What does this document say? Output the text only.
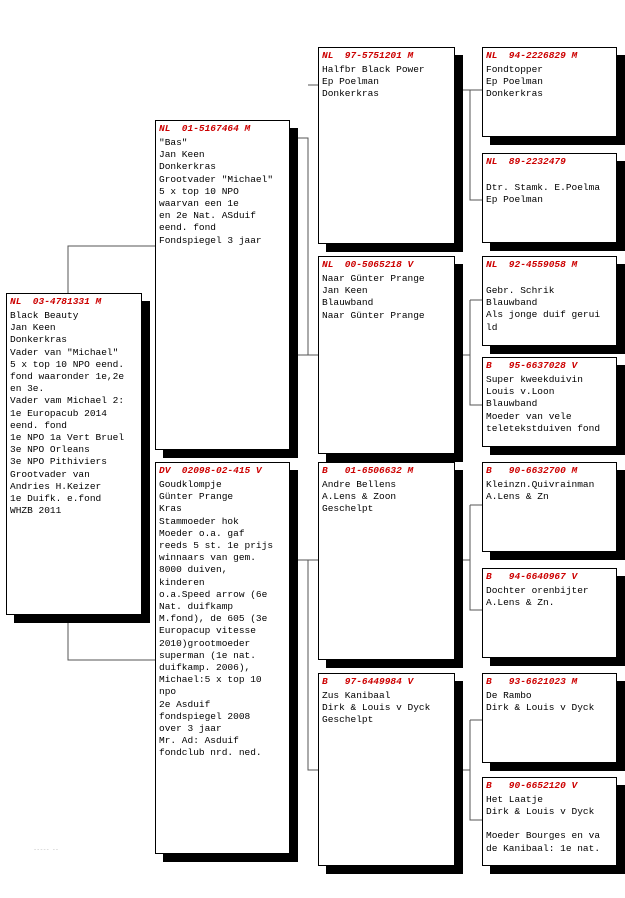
NL  03-4781331 M
Black Beauty
Jan Keen
Donkerkras
Vader van "Michael"
5 x top 10 NPO eend.
fond waaronder 1e,2e
en 3e.
Vader vam Michael 2:
1e Europacub 2014
eend. fond
1e NPO 1a Vert Bruel
3e NPO Orleans
3e NPO Pithiviers
Grootvader van
Andries H.Keizer
1e Duifk. e.fond
WHZB 2011
NL  01-5167464 M
"Bas"
Jan Keen
Donkerkras
Grootvader "Michael"
5 x top 10 NPO
waarvan een 1e
en 2e Nat. ASduif
eend. fond
Fondspiegel 3 jaar
DV  02098-02-415 V
Goudklompje
Günter Prange
Kras
Stammoeder hok
Moeder o.a. gaf
reeds 5 st. 1e prijs
winnaars van gem.
8000 duiven,
kinderen
o.a.Speed arrow (6e
Nat. duifkamp
M.fond), de 605 (3e
Europacup vitesse
2010)grootmoeder
superman (1e nat.
duifkamp. 2006),
Michael:5 x top 10
npo
2e Asduif
fondspiegel 2008
over 3 jaar
Mr. Ad: Asduif
fondclub nrd. ned.
NL  97-5751201 M
Halfbr Black Power
Ep Poelman
Donkerkras
NL  00-5065218 V
Naar Günter Prange
Jan Keen
Blauwband
Naar Günter Prange
B   01-6506632 M
Andre Bellens
A.Lens & Zoon
Geschelpt
B   97-6449984 V
Zus Kanibaal
Dirk & Louis v Dyck
Geschelpt
NL  94-2226829 M
Fondtopper
Ep Poelman
Donkerkras
NL  89-2232479
Dtr. Stamk. E.Poelma
Ep Poelman
NL  92-4559058 M
Gebr. Schrik
Blauwband
Als jonge duif gerui
ld
B   95-6637028 V
Super kweekduivin
Louis v.Loon
Blauwband
Moeder van vele
teletekstduiven fond
B   90-6632700 M
Kleinzn.Quivrainman
A.Lens & Zn
B   94-6640967 V
Dochter orenbijter
A.Lens & Zn.
B   93-6621023 M
De Rambo
Dirk & Louis v Dyck
B   90-6652120 V
Het Laatje
Dirk & Louis v Dyck
Moeder Bourges en va
de Kanibaal: 1e nat.
----- --
